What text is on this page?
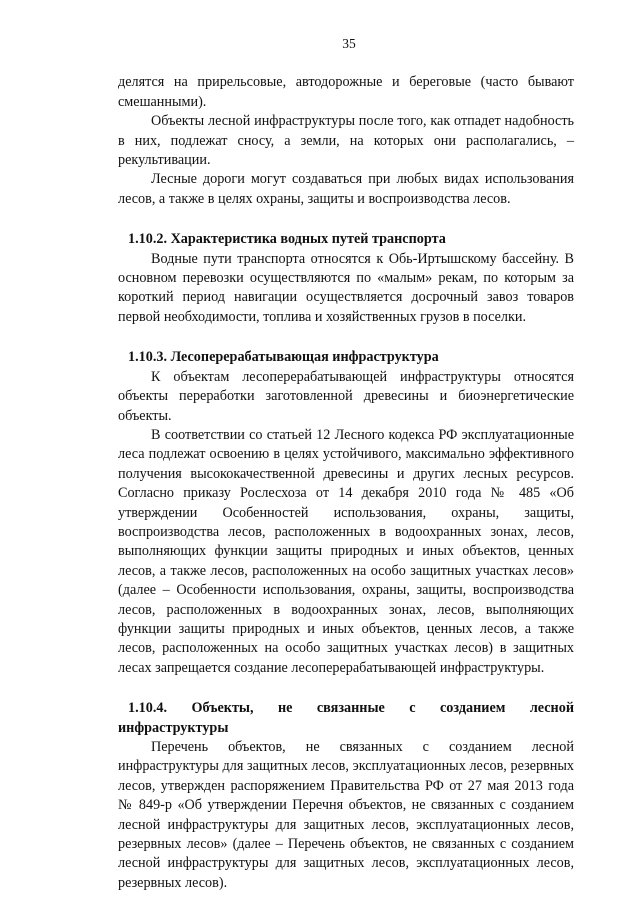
35

делятся на прирельсовые, автодорожные и береговые (часто бывают смешанными).

Объекты лесной инфраструктуры после того, как отпадет надобность в них, подлежат сносу, а земли, на которых они располагались, – рекультивации.

Лесные дороги могут создаваться при любых видах использования лесов, а также в целях охраны, защиты и воспроизводства лесов.

1.10.2. Характеристика водных путей транспорта

Водные пути транспорта относятся к Обь-Иртышскому бассейну. В основном перевозки осуществляются по «малым» рекам, по которым за короткий период навигации осуществляется досрочный завоз товаров первой необходимости, топлива и хозяйственных грузов в поселки.

1.10.3. Лесоперерабатывающая инфраструктура

К объектам лесоперерабатывающей инфраструктуры относятся объекты переработки заготовленной древесины и биоэнергетические объекты.

В соответствии со статьей 12 Лесного кодекса РФ эксплуатационные леса подлежат освоению в целях устойчивого, максимально эффективного получения высококачественной древесины и других лесных ресурсов. Согласно приказу Рослесхоза от 14 декабря 2010 года № 485 «Об утверждении Особенностей использования, охраны, защиты, воспроизводства лесов, расположенных в водоохранных зонах, лесов, выполняющих функции защиты природных и иных объектов, ценных лесов, а также лесов, расположенных на особо защитных участках лесов» (далее – Особенности использования, охраны, защиты, воспроизводства лесов, расположенных в водоохранных зонах, лесов, выполняющих функции защиты природных и иных объектов, ценных лесов, а также лесов, расположенных на особо защитных участках лесов) в защитных лесах запрещается создание лесоперерабатывающей инфраструктуры.

1.10.4. Объекты, не связанные с созданием лесной

инфраструктуры

Перечень объектов, не связанных с созданием лесной инфраструктуры для защитных лесов, эксплуатационных лесов, резервных лесов, утвержден распоряжением Правительства РФ от 27 мая 2013 года № 849-р «Об утверждении Перечня объектов, не связанных с созданием лесной инфраструктуры для защитных лесов, эксплуатационных лесов, резервных лесов» (далее – Перечень объектов, не связанных с созданием лесной инфраструктуры для защитных лесов, эксплуатационных лесов, резервных лесов).
